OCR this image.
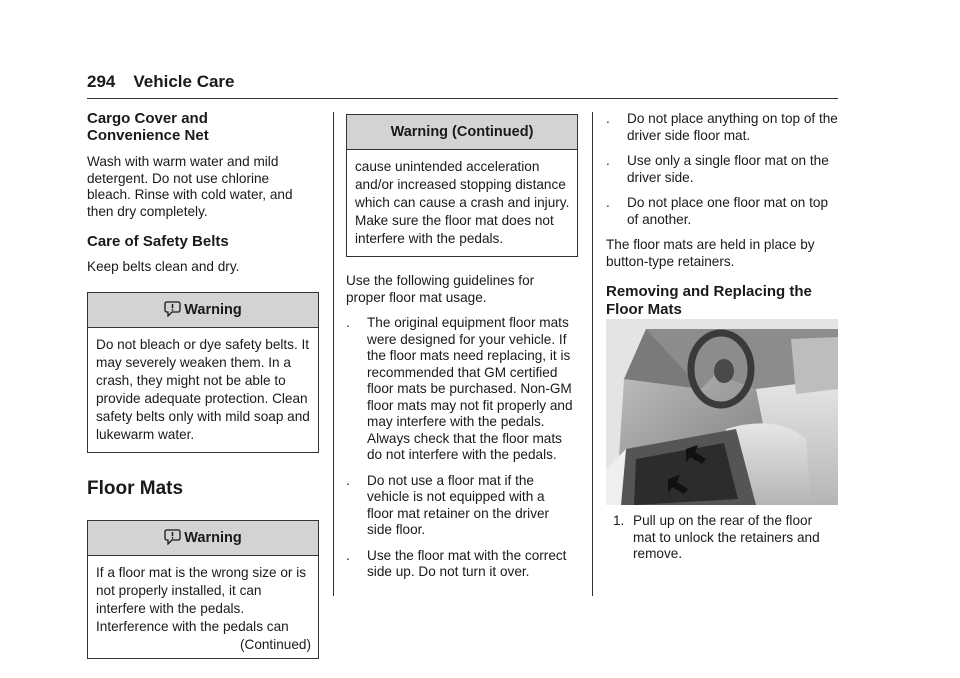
294 Vehicle Care
Cargo Cover and
Convenience Net

Wash with warm water and mild detergent. Do not use chlorine bleach. Rinse with cold water, and then dry completely.

Care of Safety Belts

Keep belts clean and dry.

Warning
Do not bleach or dye safety belts. It may severely weaken them. In a crash, they might not be able to provide adequate protection. Clean safety belts only with mild soap and lukewarm water.
Floor Mats
Warning
If a floor mat is the wrong size or is not properly installed, it can interfere with the pedals. Interference with the pedals can
(Continued)
Warning (Continued)
cause unintended acceleration and/or increased stopping distance which can cause a crash and injury. Make sure the floor mat does not interfere with the pedals.

Use the following guidelines for proper floor mat usage.

. The original equipment floor mats were designed for your vehicle. If the floor mats need replacing, it is recommended that GM certified floor mats be purchased. Non-GM floor mats may not fit properly and may interfere with the pedals. Always check that the floor mats do not interfere with the pedals.
. Do not use a floor mat if the vehicle is not equipped with a floor mat retainer on the driver side floor.
. Use the floor mat with the correct side up. Do not turn it over.
. Do not place anything on top of the driver side floor mat.
. Use only a single floor mat on the driver side.
. Do not place one floor mat on top of another.

The floor mats are held in place by button-type retainers.

Removing and Replacing the
Floor Mats
1. Pull up on the rear of the floor mat to unlock the retainers and remove.
